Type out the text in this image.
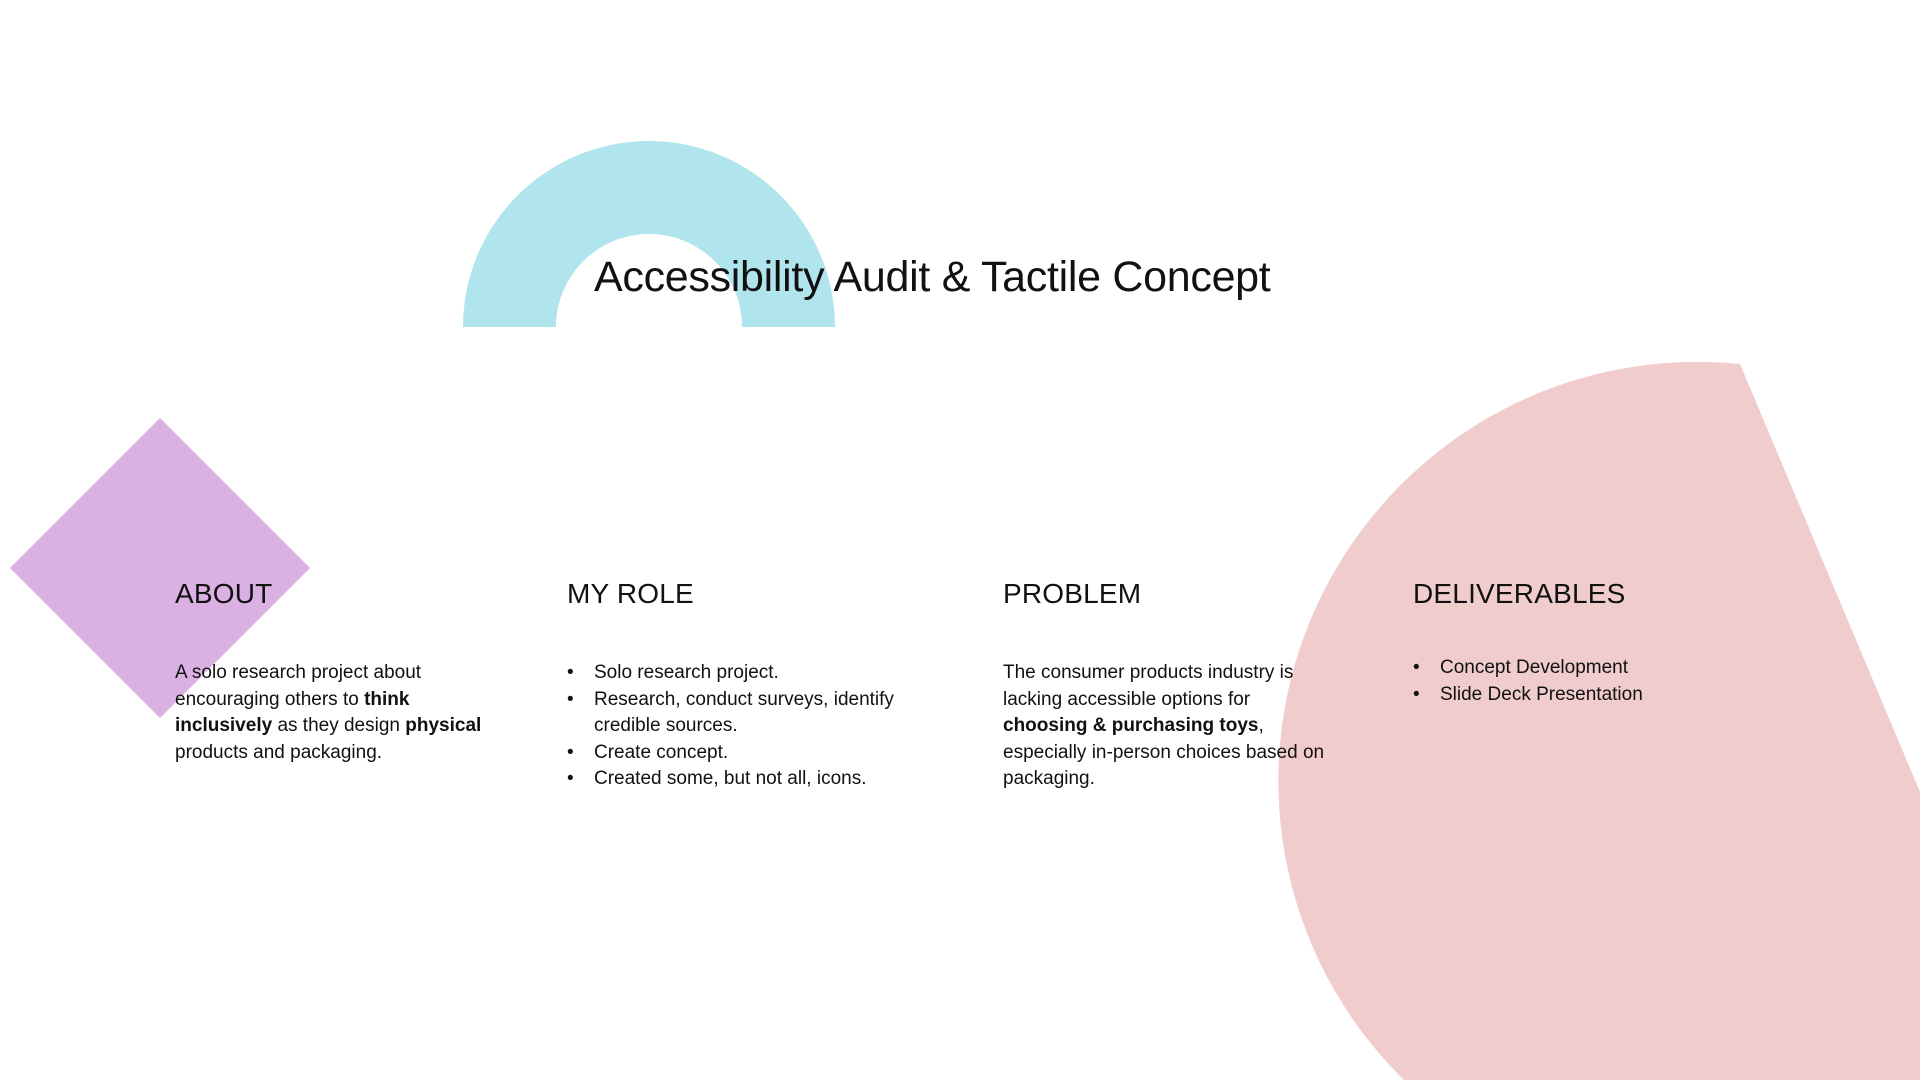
Accessibility Audit & Tactile Concept
ABOUT

A solo research project about encouraging others to think inclusively as they design physical products and packaging.

MY ROLE
• Solo research project.
• Research, conduct surveys, identify credible sources.
• Create concept.
• Created some, but not all, icons.
PROBLEM

The consumer products industry is lacking accessible options for choosing & purchasing toys, especially in-person choices based on packaging.

DELIVERABLES
• Concept Development
• Slide Deck Presentation
